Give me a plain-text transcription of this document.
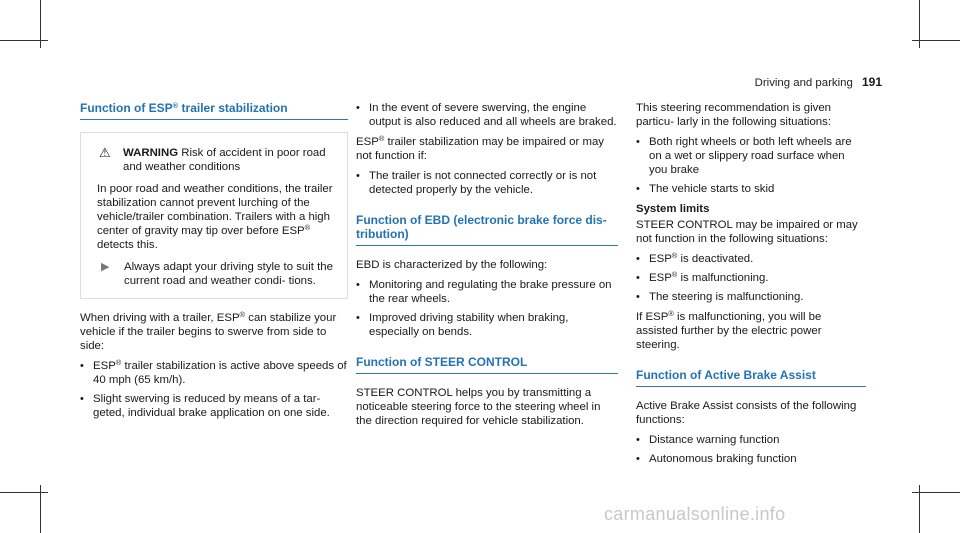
Driving and parking 191
Function of ESP® trailer stabilization
⚠ WARNING Risk of accident in poor road and weather conditions
In poor road and weather conditions, the trailer stabilization cannot prevent lurching of the vehicle/trailer combination. Trailers with a high center of gravity may tip over before ESP® detects this.
▶ Always adapt your driving style to suit the current road and weather condi- tions.

When driving with a trailer, ESP® can stabilize your vehicle if the trailer begins to swerve from side to side:

• ESP® trailer stabilization is active above speeds of 40 mph (65 km/h).
• Slight swerving is reduced by means of a tar- geted, individual brake application on one side.
• In the event of severe swerving, the engine output is also reduced and all wheels are braked.

ESP® trailer stabilization may be impaired or may not function if:

• The trailer is not connected correctly or is not detected properly by the vehicle.
Function of EBD (electronic brake force dis- tribution)

EBD is characterized by the following:

• Monitoring and regulating the brake pressure on the rear wheels.
• Improved driving stability when braking, especially on bends.
Function of STEER CONTROL

STEER CONTROL helps you by transmitting a noticeable steering force to the steering wheel in the direction required for vehicle stabilization.

This steering recommendation is given particu- larly in the following situations:

• Both right wheels or both left wheels are on a wet or slippery road surface when you brake
• The vehicle starts to skid
System limits

STEER CONTROL may be impaired or may not function in the following situations:

• ESP® is deactivated.
• ESP® is malfunctioning.
• The steering is malfunctioning.

If ESP® is malfunctioning, you will be assisted further by the electric power steering.

Function of Active Brake Assist

Active Brake Assist consists of the following functions:

• Distance warning function
• Autonomous braking function
carmanualsonline.info
